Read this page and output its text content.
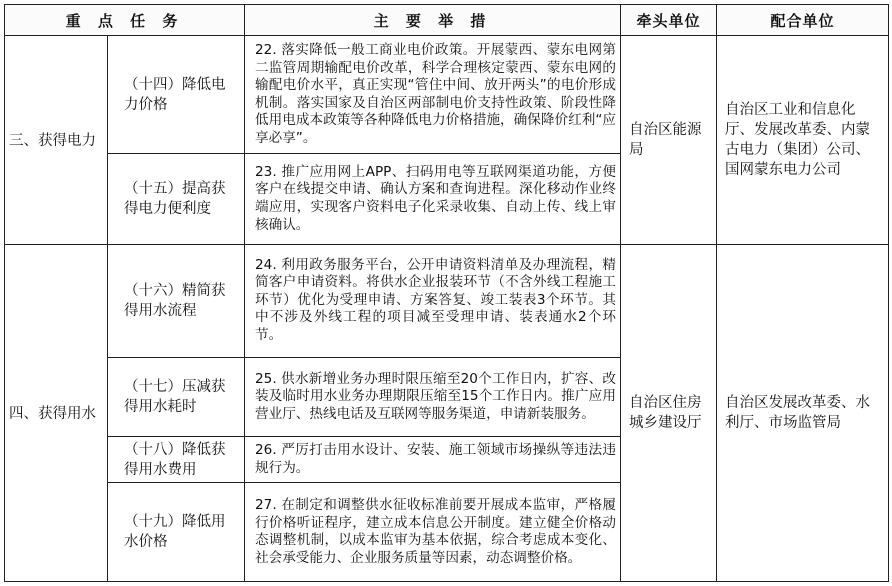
重 点 任 务		主 要 举 措	牵头单位	配合单位
三、获得电力	（十四）降低电力价格	22. 落实降低一般工商业电价政策。开展蒙西、蒙东电网第二监管周期输配电价改革，科学合理核定蒙西、蒙东电网的输配电价水平，真正实现“管住中间、放开两头”的电价形成机制。落实国家及自治区两部制电价支持性政策、阶段性降低用电成本政策等各种降低电力价格措施，确保降价红利“应享必享”。	自治区能源局	自治区工业和信息化厅、发展改革委、内蒙古电力（集团）公司、国网蒙东电力公司
	（十五）提高获得电力便利度	23. 推广应用网上APP、扫码用电等互联网渠道功能，方便客户在线提交申请、确认方案和查询进程。深化移动作业终端应用，实现客户资料电子化采录收集、自动上传、线上审核确认。		
四、获得用水	（十六）精简获得用水流程	24. 利用政务服务平台，公开申请资料清单及办理流程，精简客户申请资料。将供水企业报装环节（不含外线工程施工环节）优化为受理申请、方案答复、竣工装表3个环节。其中不涉及外线工程的项目减至受理申请、装表通水2个环节。	自治区住房城乡建设厅	自治区发展改革委、水利厅、市场监管局
	（十七）压减获得用水耗时	25. 供水新增业务办理时限压缩至20个工作日内，扩容、改装及临时用水业务办理期限压缩至15个工作日内。推广应用营业厅、热线电话及互联网等服务渠道，申请新装服务。		
	（十八）降低获得用水费用	26. 严厉打击用水设计、安装、施工领域市场操纵等违法违规行为。		
	（十九）降低用水价格	27. 在制定和调整供水征收标准前要开展成本监审，严格履行价格听证程序，建立成本信息公开制度。建立健全价格动态调整机制，以成本监审为基本依据，综合考虑成本变化、社会承受能力、企业服务质量等因素，动态调整价格。		
